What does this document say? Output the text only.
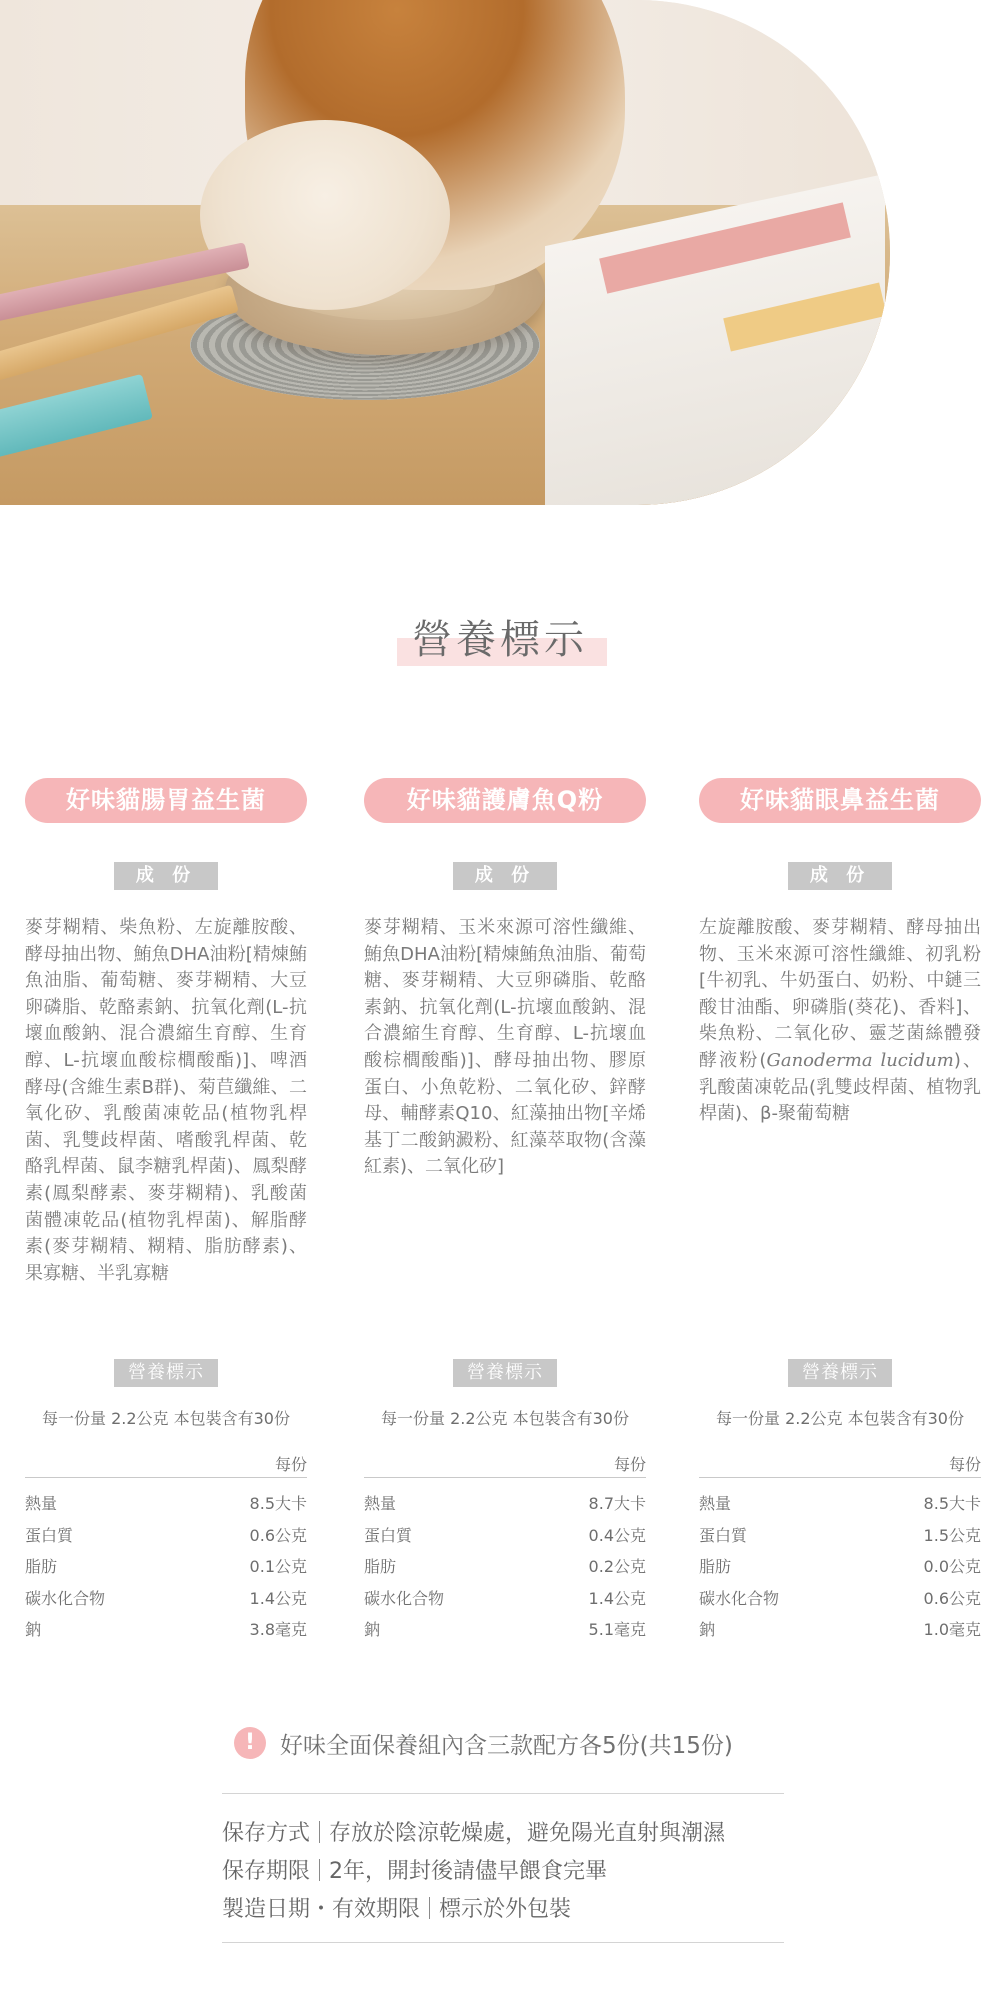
營養標示
好味貓腸胃益生菌
成 份

麥芽糊精、柴魚粉、左旋離胺酸、酵母抽出物、鮪魚DHA油粉[精煉鮪魚油脂、葡萄糖、麥芽糊精、大豆卵磷脂、乾酪素鈉、抗氧化劑(L-抗壞血酸鈉、混合濃縮生育醇、生育醇、L-抗壞血酸棕櫚酸酯)]、啤酒酵母(含維生素B群)、菊苣纖維、二氧化矽、乳酸菌凍乾品(植物乳桿菌、乳雙歧桿菌、嗜酸乳桿菌、乾酪乳桿菌、鼠李糖乳桿菌)、鳳梨酵素(鳳梨酵素、麥芽糊精)、乳酸菌菌體凍乾品(植物乳桿菌)、解脂酵素(麥芽糊精、糊精、脂肪酵素)、果寡糖、半乳寡糖

營養標示
每一份量 2.2公克 本包裝含有30份
每份
熱量	8.5大卡
蛋白質	0.6公克
脂肪	0.1公克
碳水化合物	1.4公克
鈉	3.8毫克
好味貓護膚魚Q粉
成 份

麥芽糊精、玉米來源可溶性纖維、鮪魚DHA油粉[精煉鮪魚油脂、葡萄糖、麥芽糊精、大豆卵磷脂、乾酪素鈉、抗氧化劑(L-抗壞血酸鈉、混合濃縮生育醇、生育醇、L-抗壞血酸棕櫚酸酯)]、酵母抽出物、膠原蛋白、小魚乾粉、二氧化矽、鋅酵母、輔酵素Q10、紅藻抽出物[辛烯基丁二酸鈉澱粉、紅藻萃取物(含藻紅素)、二氧化矽]

營養標示
每一份量 2.2公克 本包裝含有30份
每份
熱量	8.7大卡
蛋白質	0.4公克
脂肪	0.2公克
碳水化合物	1.4公克
鈉	5.1毫克
好味貓眼鼻益生菌
成 份

左旋離胺酸、麥芽糊精、酵母抽出物、玉米來源可溶性纖維、初乳粉[牛初乳、牛奶蛋白、奶粉、中鏈三酸甘油酯、卵磷脂(葵花)、香料]、柴魚粉、二氧化矽、靈芝菌絲體發酵液粉(Ganoderma lucidum)、乳酸菌凍乾品(乳雙歧桿菌、植物乳桿菌)、β-聚葡萄糖

營養標示
每一份量 2.2公克 本包裝含有30份
每份
熱量	8.5大卡
蛋白質	1.5公克
脂肪	0.0公克
碳水化合物	0.6公克
鈉	1.0毫克
!	好味全面保養組內含三款配方各5份(共15份)
保存方式 存放於陰涼乾燥處，避免陽光直射與潮濕
保存期限 2年，開封後請儘早餵食完畢
製造日期・有效期限 標示於外包裝
